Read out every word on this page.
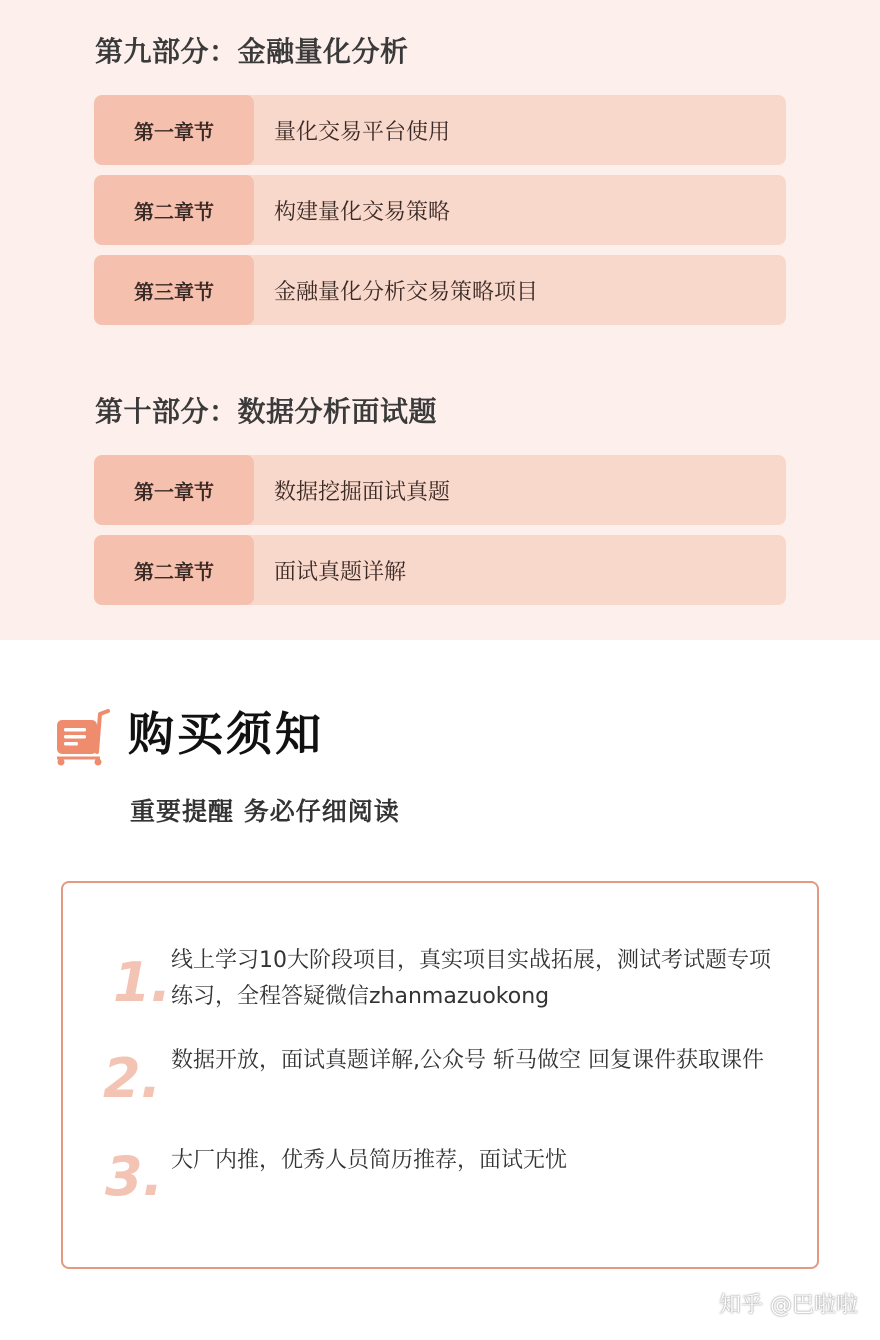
第九部分：金融量化分析
第一章节	量化交易平台使用
第二章节	构建量化交易策略
第三章节	金融量化分析交易策略项目
第十部分：数据分析面试题
第一章节	数据挖掘面试真题
第二章节	面试真题详解
购买须知
重要提醒 务必仔细阅读
1. 线上学习10大阶段项目，真实项目实战拓展，测试考试题专项练习，全程答疑微信zhanmazuokong
2. 数据开放，面试真题详解,公众号 斩马做空 回复课件获取课件
3. 大厂内推，优秀人员简历推荐，面试无忧
知乎 @巴啦啦
